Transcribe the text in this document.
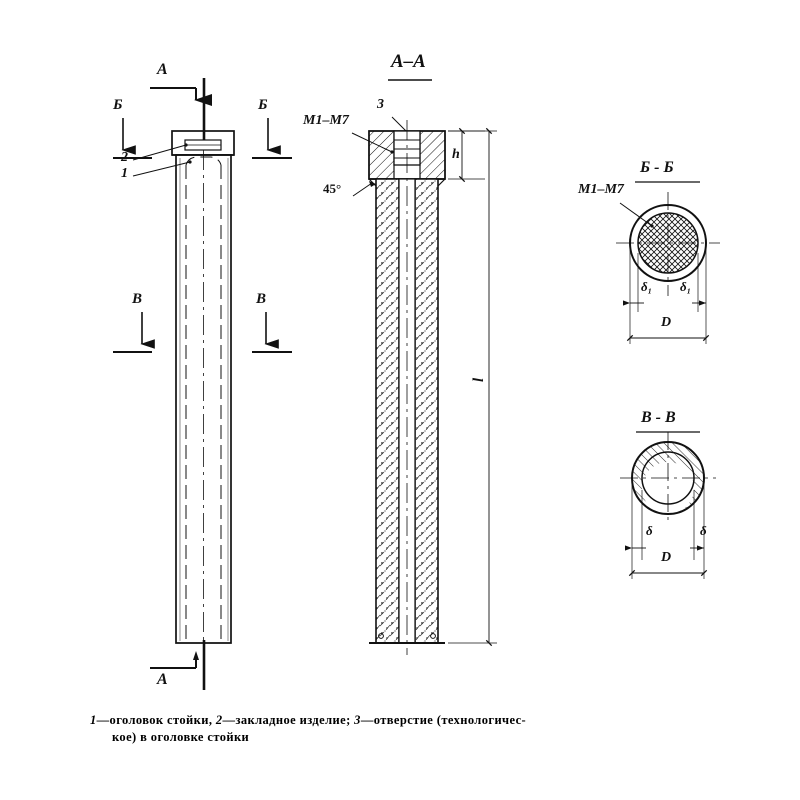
А–А
Б - Б
В - В
А
А
Б	Б
В	В
2
1
3
М1–М7
45°
h
l
М1–М7
δ₁ δ₁
D
δ	δ
D
1—оголовок стойки, 2—закладное изделие; 3—отверстие (технологичес-
кое) в оголовке стойки
